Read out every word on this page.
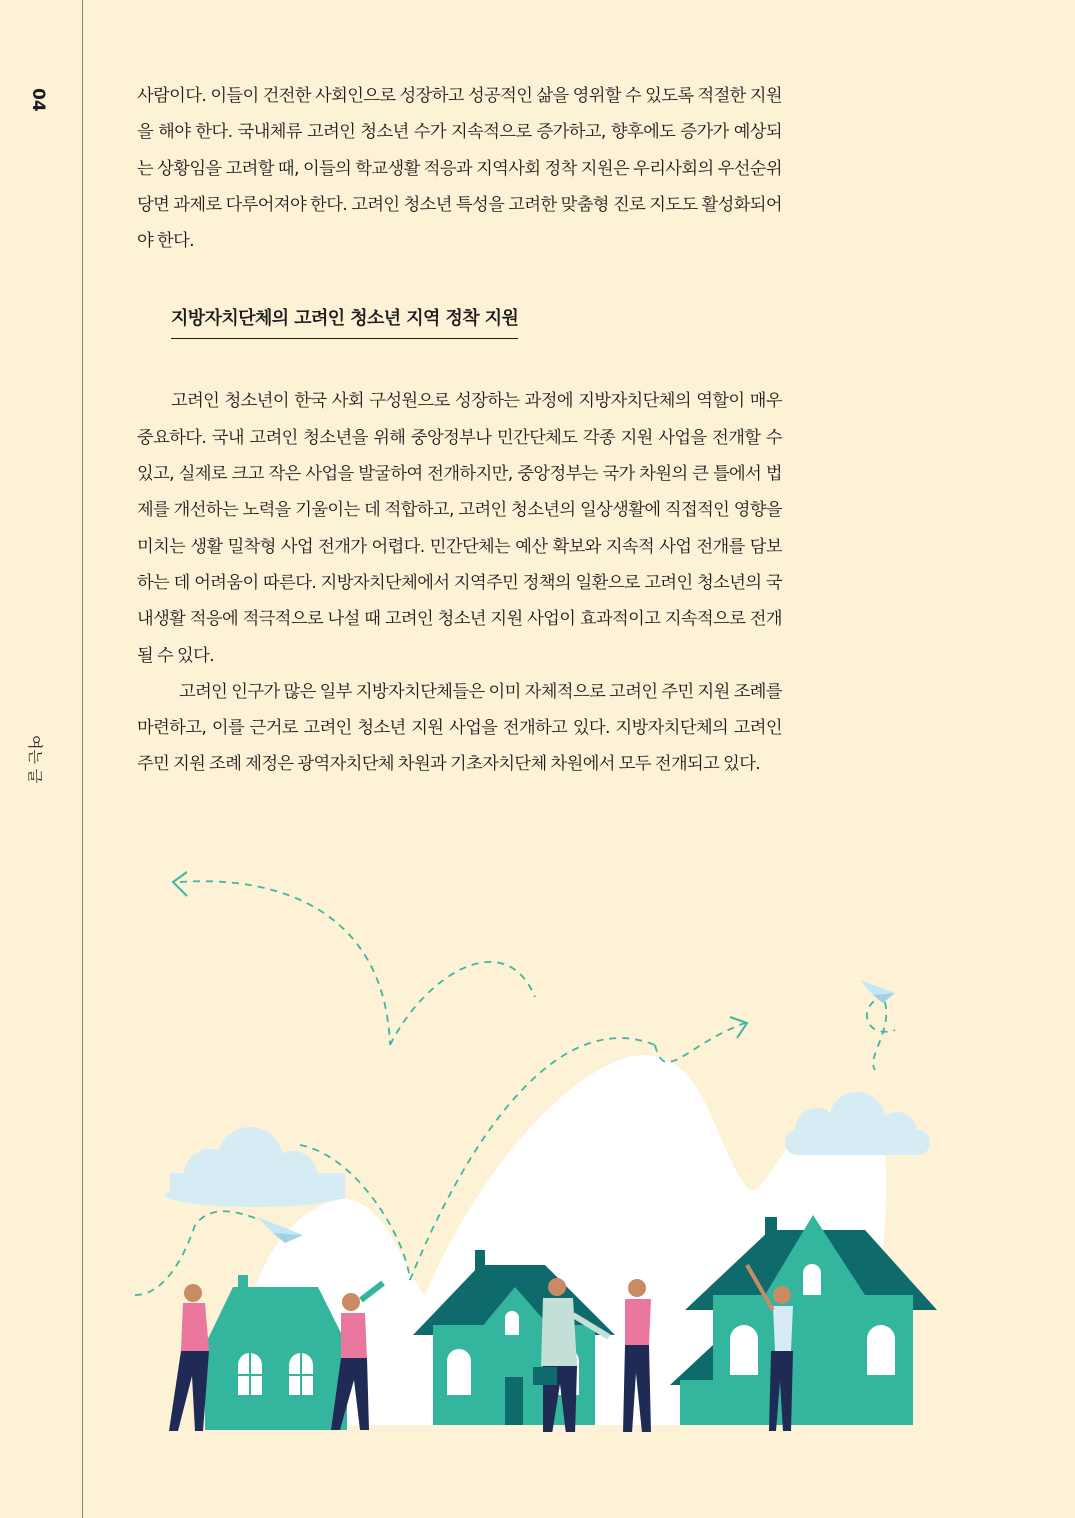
04
여는 글

사람이다. 이들이 건전한 사회인으로 성장하고 성공적인 삶을 영위할 수 있도록 적절한 지원을 해야 한다. 국내체류 고려인 청소년 수가 지속적으로 증가하고, 향후에도 증가가 예상되는 상황임을 고려할 때, 이들의 학교생활 적응과 지역사회 정착 지원은 우리사회의 우선순위 당면 과제로 다루어져야 한다. 고려인 청소년 특성을 고려한 맞춤형 진로 지도도 활성화되어야 한다.

지방자치단체의 고려인 청소년 지역 정착 지원

고려인 청소년이 한국 사회 구성원으로 성장하는 과정에 지방자치단체의 역할이 매우 중요하다. 국내 고려인 청소년을 위해 중앙정부나 민간단체도 각종 지원 사업을 전개할 수 있고, 실제로 크고 작은 사업을 발굴하여 전개하지만, 중앙정부는 국가 차원의 큰 틀에서 법제를 개선하는 노력을 기울이는 데 적합하고, 고려인 청소년의 일상생활에 직접적인 영향을 미치는 생활 밀착형 사업 전개가 어렵다. 민간단체는 예산 확보와 지속적 사업 전개를 담보하는 데 어려움이 따른다. 지방자치단체에서 지역주민 정책의 일환으로 고려인 청소년의 국내생활 적응에 적극적으로 나설 때 고려인 청소년 지원 사업이 효과적이고 지속적으로 전개될 수 있다.

고려인 인구가 많은 일부 지방자치단체들은 이미 자체적으로 고려인 주민 지원 조례를 마련하고, 이를 근거로 고려인 청소년 지원 사업을 전개하고 있다. 지방자치단체의 고려인 주민 지원 조례 제정은 광역자치단체 차원과 기초자치단체 차원에서 모두 전개되고 있다.
